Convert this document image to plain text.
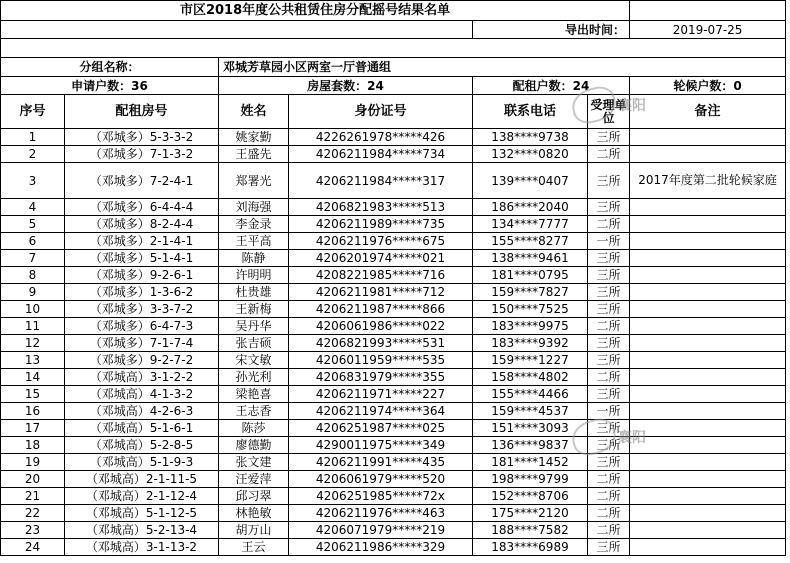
市区2018年度公共租赁住房分配摇号结果名单						
				导出时间：		2019-07-25

分组名称：		邓城芳草园小区两室一厅普通组				
申请户数：36		房屋套数：24		配租户数：24		轮候户数：0
序号	配租房号	姓名	身份证号	联系电话	受理单位	备注
1	（邓城多）5-3-3-2	姚家勤	4226261978*****426	138****9738	三所	
2	（邓城多）7-1-3-2	王盛先	4206211984*****734	132****0820	二所	
3	（邓城多）7-2-4-1	郑署光	4206211984*****317	139****0407	三所	2017年度第二批轮候家庭
4	（邓城多）6-4-4-4	刘海强	4206821983*****513	186****2040	三所	
5	（邓城多）8-2-4-4	李金录	4206211989*****735	134****7777	二所	
6	（邓城多）2-1-4-1	王平高	4206211976*****675	155****8277	一所	
7	（邓城多）5-1-4-1	陈静	4206201974*****021	138****9461	三所	
8	（邓城多）9-2-6-1	许明明	4208221985*****716	181****0795	三所	
9	（邓城多）1-3-6-2	杜贵雄	4206211981*****712	159****7827	三所	
10	（邓城多）3-3-7-2	王新梅	4206211987*****866	150****7525	三所	
11	（邓城多）6-4-7-3	吴丹华	4206061986*****022	183****9975	二所	
12	（邓城多）7-1-7-4	张吉硕	4206821993*****531	183****9392	三所	
13	（邓城多）9-2-7-2	宋文敏	4206011959*****535	159****1227	三所	
14	（邓城高）3-1-2-2	孙光利	4206831979*****355	158****4802	二所	
15	（邓城高）4-1-3-2	梁艳喜	4206211971*****227	155****4466	三所	
16	（邓城高）4-2-6-3	王志香	4206211974*****364	159****4537	一所	
17	（邓城高）5-1-6-1	陈莎	4206251987*****025	151****3093	三所	
18	（邓城高）5-2-8-5	廖德勤	4290011975*****349	136****9837	三所	
19	（邓城高）5-1-9-3	张文建	4206211991*****435	181****1452	三所	
20	（邓城高）2-1-11-5	汪爱萍	4206061979*****520	198****9799	二所	
21	（邓城高）2-1-12-4	邱习翠	4206251985*****72x	152****8706	二所	
22	（邓城高）5-1-12-5	林艳敏	4206211976*****463	175****2120	二所	
23	（邓城高）5-2-13-4	胡万山	4206071979*****219	188****7582	二所	
24	（邓城高）3-1-13-2	王云	4206211986*****329	183****6989	三所	
襄阳
襄阳
